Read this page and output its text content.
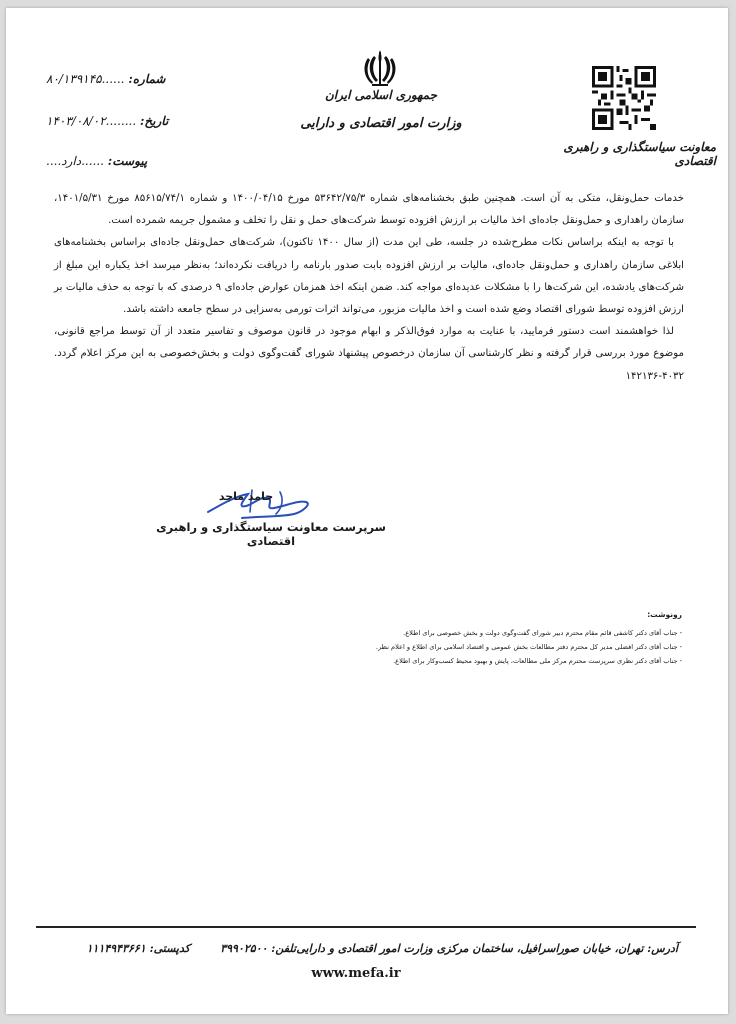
جمهوری اسلامی ایران
وزارت امور اقتصادی و دارایی
معاونت سیاستگذاری و راهبری اقتصادی
شماره: ......۸۰/۱۳۹۱۴۵
تاریخ: ........۱۴۰۳/۰۸/۰۲
پیوست: ......دارد....

خدمات حمل‌ونقل، متکی به آن است. همچنین طبق بخشنامه‌های شماره ۵۳۶۴۲/۷۵/۳ مورخ ۱۴۰۰/۰۴/۱۵ و شماره ۸۵۶۱۵/۷۴/۱ مورخ ۱۴۰۱/۵/۳۱، سازمان راهداری و حمل‌ونقل جاده‌ای اخذ مالیات بر ارزش افزوده توسط شرکت‌های حمل و نقل را تخلف و مشمول جریمه شمرده است.

با توجه به اینکه براساس نکات مطرح‌شده در جلسه، طی این مدت (از سال ۱۴۰۰ تاکنون)، شرکت‌های حمل‌ونقل جاده‌ای براساس بخشنامه‌های ابلاغی سازمان راهداری و حمل‌ونقل جاده‌ای، مالیات بر ارزش افزوده بابت صدور بارنامه را دریافت نکرده‌اند؛ به‌نظر میرسد اخذ یکباره این مبلغ از شرکت‌های یادشده، این شرکت‌ها را با مشکلات عدیده‌ای مواجه کند. ضمن اینکه اخذ همزمان عوارض جاده‌ای ۹ درصدی که با توجه به حذف مالیات بر ارزش افزوده توسط شورای اقتصاد وضع شده است و اخذ مالیات مزبور، می‌تواند اثرات تورمی به‌سزایی در سطح جامعه داشته باشد.

لذا خواهشمند است دستور فرمایید، با عنایت به موارد فوق‌الذکر و ابهام موجود در قانون موصوف و تفاسیر متعدد از آن توسط مراجع قانونی، موضوع مورد بررسی قرار گرفته و نظر کارشناسی آن سازمان درخصوص پیشنهاد شورای گفت‌وگوی دولت و بخش‌خصوصی به این مرکز اعلام گردد. ۴۰۳۲-۱۴۲۱۳۶

حامد ماجد
سرپرست معاونت سیاستگذاری و راهبری اقتصادی
رونوشت:
- جناب آقای دکتر کاشفی قائم مقام محترم دبیر شورای گفت‌وگوی دولت و بخش خصوصی برای اطلاع.
- جناب آقای دکتر افضلی مدیر کل محترم دفتر مطالعات بخش عمومی و اقتصاد اسلامی برای اطلاع و اعلام نظر.
- جناب آقای دکتر نظری سرپرست محترم مرکز ملی مطالعات، پایش و بهبود محیط کسب‌وکار برای اطلاع.
آدرس: تهران، خیابان صوراسرافیل، ساختمان مرکزی وزارت امور اقتصادی و دارایی
تلفن: ۳۹۹۰۲۵۰۰
کدپستی: ۱۱۱۴۹۴۳۶۶۱
www.mefa.ir
